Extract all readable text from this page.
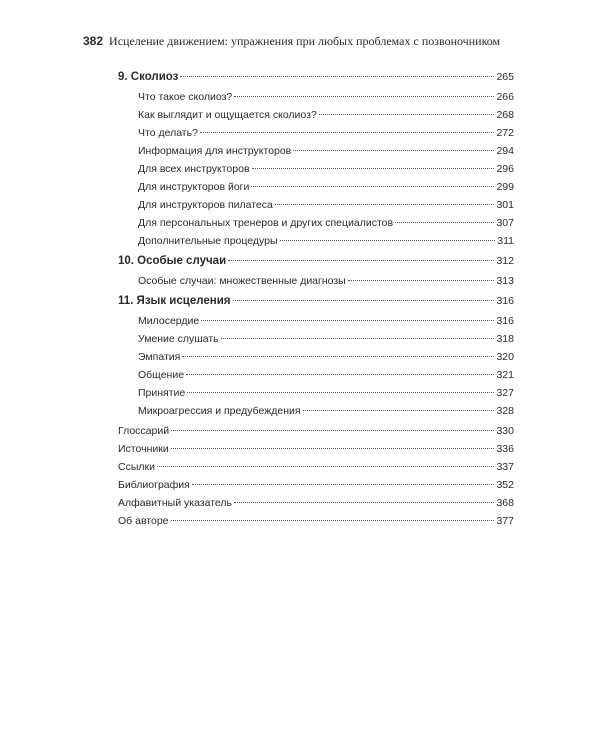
382 Исцеление движением: упражнения при любых проблемах с позвоночником
9. Сколиоз	265
Что такое сколиоз?	266
Как выглядит и ощущается сколиоз?	268
Что делать?	272
Информация для инструкторов	294
Для всех инструкторов	296
Для инструкторов йоги	299
Для инструкторов пилатеса	301
Для персональных тренеров и других специалистов	307
Дополнительные процедуры	311
10. Особые случаи	312
Особые случаи: множественные диагнозы	313
11. Язык исцеления	316
Милосердие	316
Умение слушать	318
Эмпатия	320
Общение	321
Принятие	327
Микроагрессия и предубеждения	328
Глоссарий	330
Источники	336
Ссылки	337
Библиография	352
Алфавитный указатель	368
Об авторе	377
